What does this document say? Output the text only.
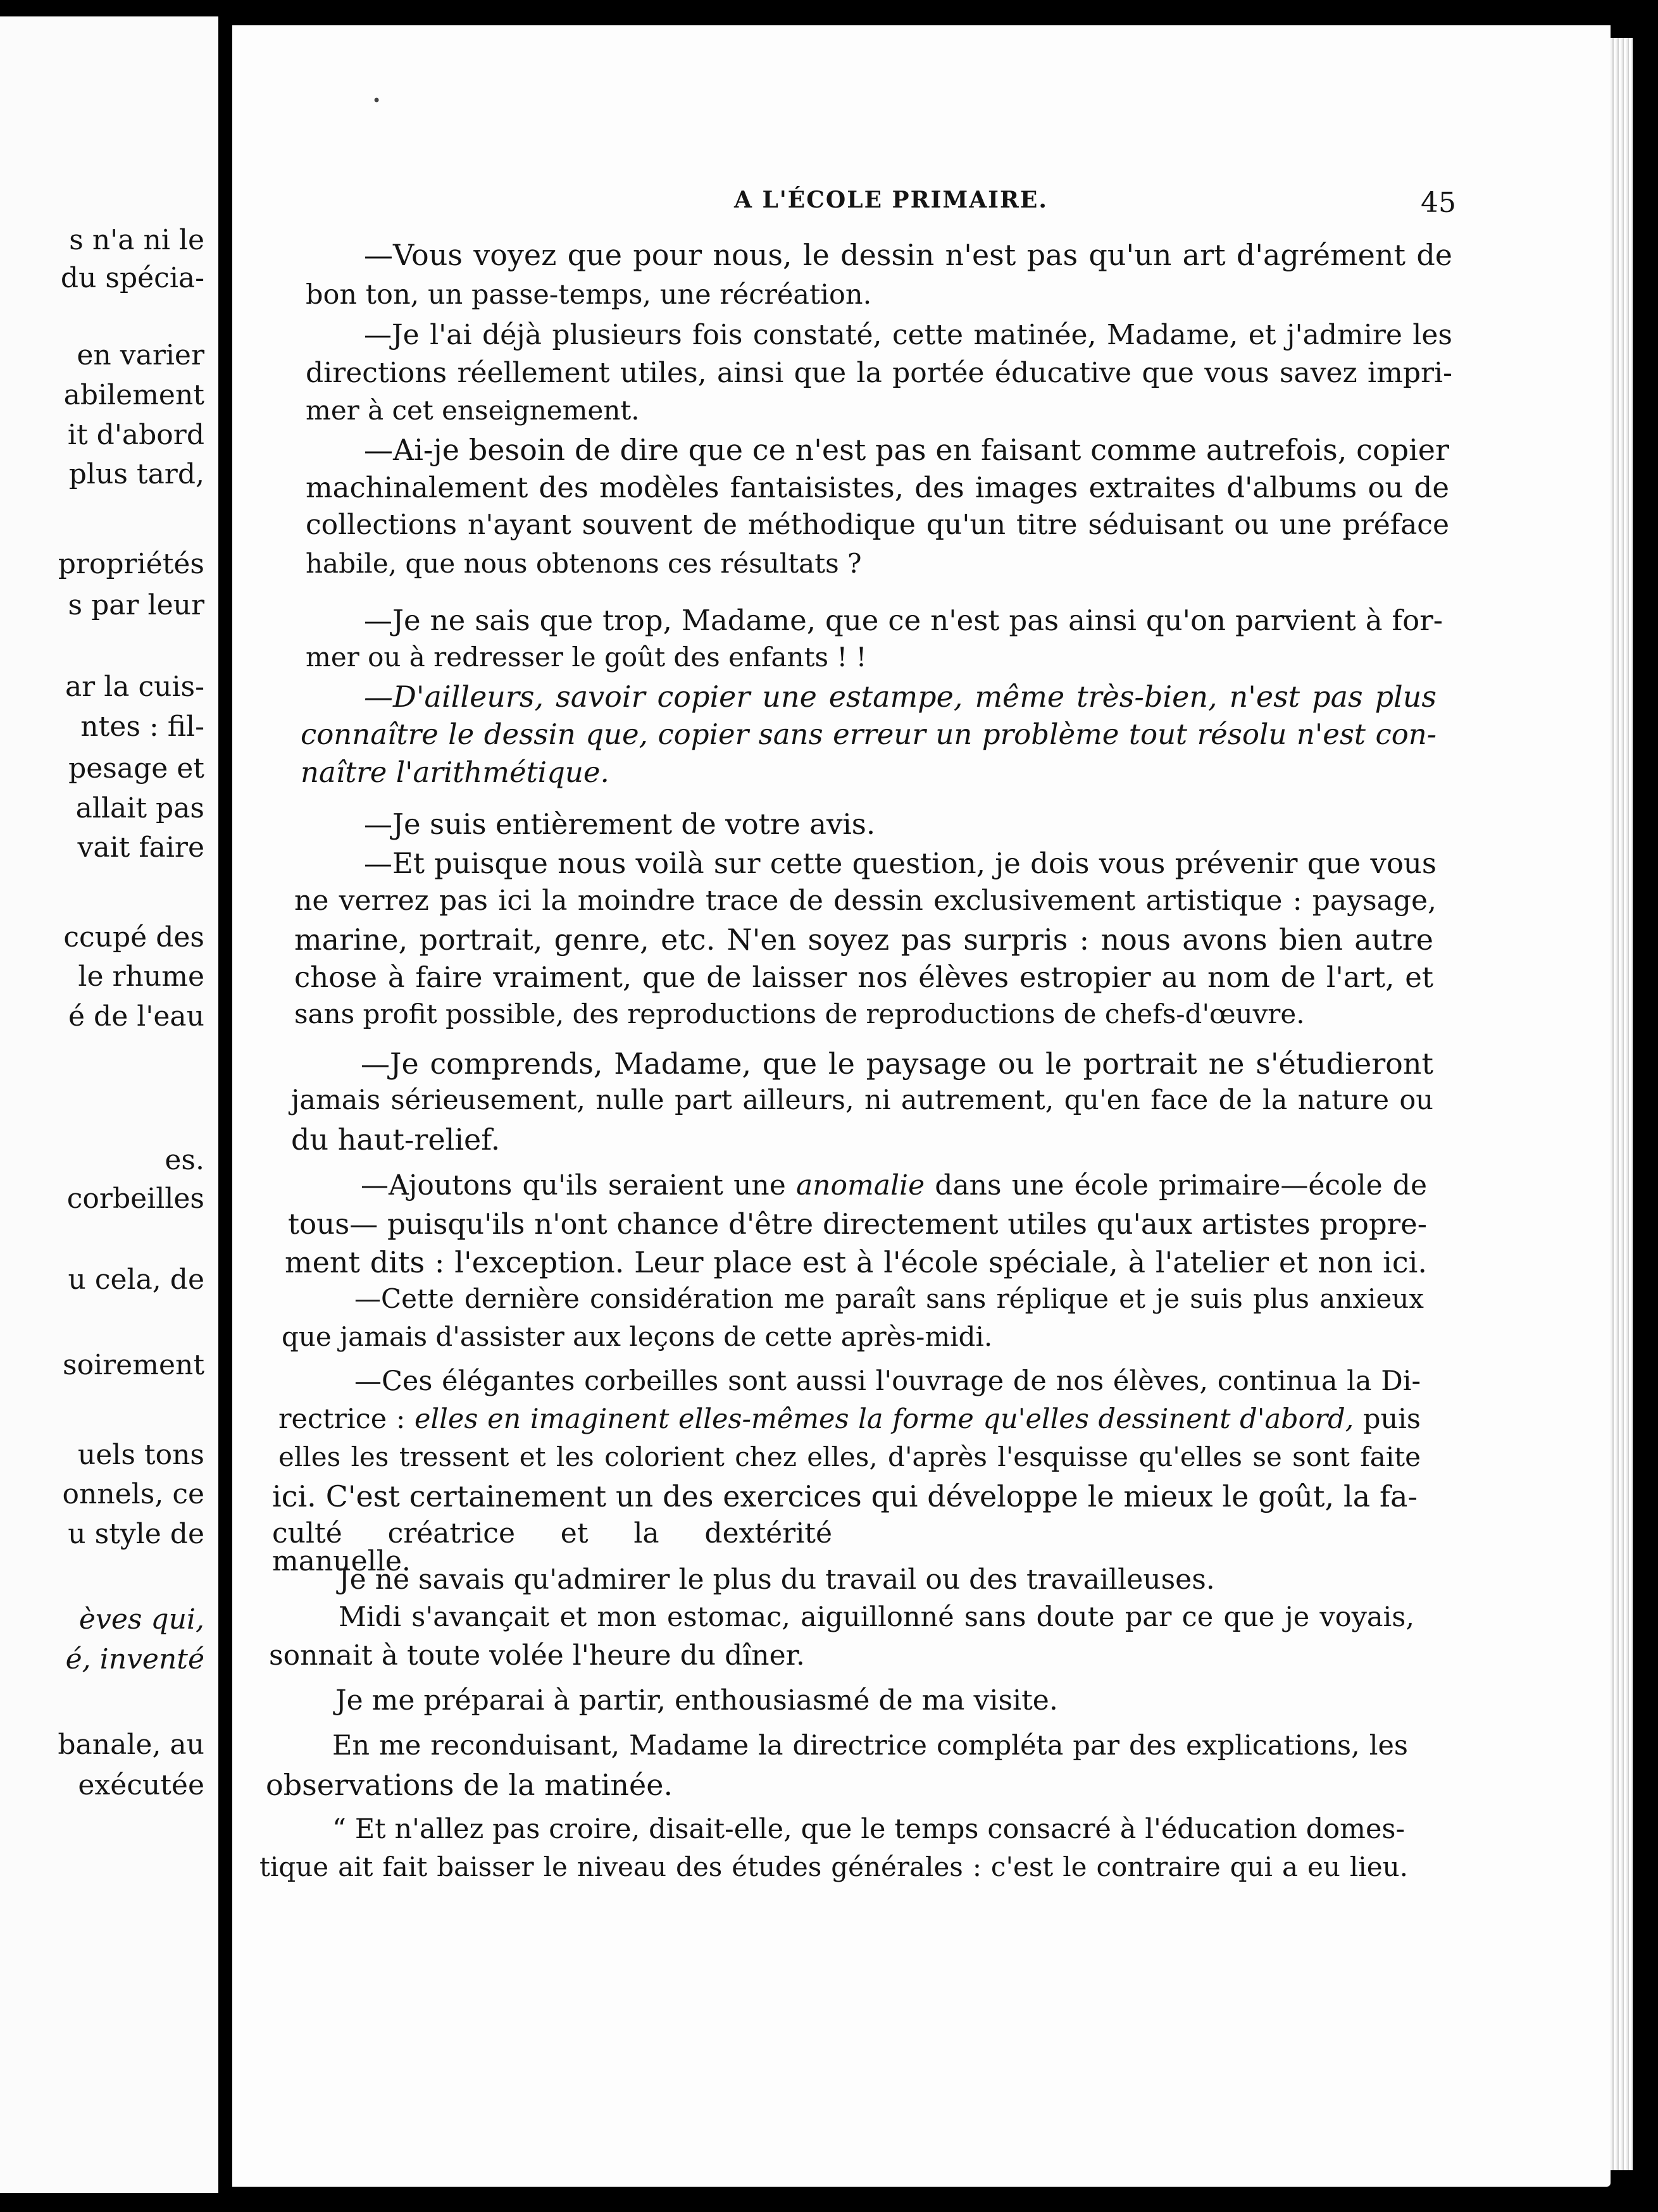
•
A L'ÉCOLE PRIMAIRE.	45

s n'a ni le

du spécia-

en varier

abilement

it d'abord

plus tard,

propriétés

s par leur

ar la cuis-

ntes : fil-

pesage et

allait pas

vait faire

ccupé des

le rhume

é de l'eau

es.

corbeilles

u cela, de

soirement

uels tons

onnels, ce

u style de

èves qui,

é, inventé

banale, au

exécutée

—Vous voyez que pour nous, le dessin n'est pas qu'un art d'agrément de

bon ton, un passe-temps, une récréation.

—Je l'ai déjà plusieurs fois constaté, cette matinée, Madame, et j'admire les

directions réellement utiles, ainsi que la portée éducative que vous savez impri-

mer à cet enseignement.

—Ai-je besoin de dire que ce n'est pas en faisant comme autrefois, copier

machinalement des modèles fantaisistes, des images extraites d'albums ou de

collections n'ayant souvent de méthodique qu'un titre séduisant ou une préface

habile, que nous obtenons ces résultats ?

—Je ne sais que trop, Madame, que ce n'est pas ainsi qu'on parvient à for-

mer ou à redresser le goût des enfants ! !

—D'ailleurs, savoir copier une estampe, même très-bien, n'est pas plus

connaître le dessin que, copier sans erreur un problème tout résolu n'est con-

naître l'arithmétique.

—Je suis entièrement de votre avis.

—Et puisque nous voilà sur cette question, je dois vous prévenir que vous

ne verrez pas ici la moindre trace de dessin exclusivement artistique : paysage,

marine, portrait, genre, etc. N'en soyez pas surpris : nous avons bien autre

chose à faire vraiment, que de laisser nos élèves estropier au nom de l'art, et

sans profit possible, des reproductions de reproductions de chefs-d'œuvre.

—Je comprends, Madame, que le paysage ou le portrait ne s'étudieront

jamais sérieusement, nulle part ailleurs, ni autrement, qu'en face de la nature ou

du haut-relief.

—Ajoutons qu'ils seraient une anomalie dans une école primaire—école de

tous— puisqu'ils n'ont chance d'être directement utiles qu'aux artistes propre-

ment dits : l'exception. Leur place est à l'école spéciale, à l'atelier et non ici.

—Cette dernière considération me paraît sans réplique et je suis plus anxieux

que jamais d'assister aux leçons de cette après-midi.

—Ces élégantes corbeilles sont aussi l'ouvrage de nos élèves, continua la Di-

rectrice : elles en imaginent elles-mêmes la forme qu'elles dessinent d'abord, puis

elles les tressent et les colorient chez elles, d'après l'esquisse qu'elles se sont faite

ici. C'est certainement un des exercices qui développe le mieux le goût, la fa-

culté créatrice et la dextérité manuelle.

Je ne savais qu'admirer le plus du travail ou des travailleuses.

Midi s'avançait et mon estomac, aiguillonné sans doute par ce que je voyais,

sonnait à toute volée l'heure du dîner.

Je me préparai à partir, enthousiasmé de ma visite.

En me reconduisant, Madame la directrice compléta par des explications, les

observations de la matinée.

“ Et n'allez pas croire, disait-elle, que le temps consacré à l'éducation domes-

tique ait fait baisser le niveau des études générales : c'est le contraire qui a eu lieu.
